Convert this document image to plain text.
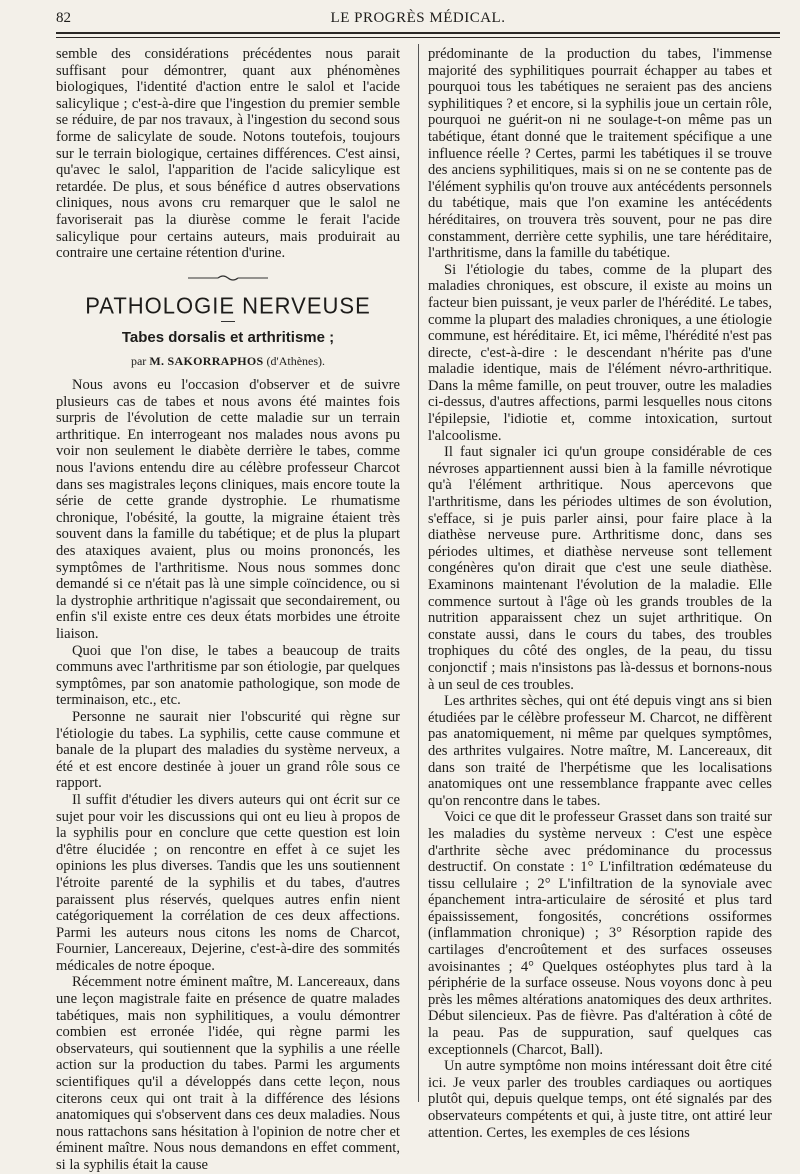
82	LE PROGRÈS MÉDICAL.

semble des considérations précédentes nous parait suffisant pour démontrer, quant aux phénomènes biologiques, l'identité d'action entre le salol et l'acide salicylique ; c'est-à-dire que l'ingestion du premier semble se réduire, de par nos travaux, à l'ingestion du second sous forme de salicylate de soude. Notons toutefois, toujours sur le terrain biologique, certaines différences. C'est ainsi, qu'avec le salol, l'apparition de l'acide salicylique est retardée. De plus, et sous bénéfice d autres observations cliniques, nous avons cru remarquer que le salol ne favoriserait pas la diurèse comme le ferait l'acide salicylique pour certains auteurs, mais produirait au contraire une certaine rétention d'urine.

PATHOLOGIE NERVEUSE
Tabes dorsalis et arthritisme ;
par M. SAKORRAPHOS (d'Athènes).

Nous avons eu l'occasion d'observer et de suivre plusieurs cas de tabes et nous avons été maintes fois surpris de l'évolution de cette maladie sur un terrain arthritique. En interrogeant nos malades nous avons pu voir non seulement le diabète derrière le tabes, comme nous l'avions entendu dire au célèbre professeur Charcot dans ses magistrales leçons cliniques, mais encore toute la série de cette grande dystrophie. Le rhumatisme chronique, l'obésité, la goutte, la migraine étaient très souvent dans la famille du tabétique; et de plus la plupart des ataxiques avaient, plus ou moins prononcés, les symptômes de l'arthritisme. Nous nous sommes donc demandé si ce n'était pas là une simple coïncidence, ou si la dystrophie arthritique n'agissait que secondairement, ou enfin s'il existe entre ces deux états morbides une étroite liaison.

Quoi que l'on dise, le tabes a beaucoup de traits communs avec l'arthritisme par son étiologie, par quelques symptômes, par son anatomie pathologique, son mode de terminaison, etc., etc.

Personne ne saurait nier l'obscurité qui règne sur l'étiologie du tabes. La syphilis, cette cause commune et banale de la plupart des maladies du système nerveux, a été et est encore destinée à jouer un grand rôle sous ce rapport.

Il suffit d'étudier les divers auteurs qui ont écrit sur ce sujet pour voir les discussions qui ont eu lieu à propos de la syphilis pour en conclure que cette question est loin d'être élucidée ; on rencontre en effet à ce sujet les opinions les plus diverses. Tandis que les uns soutiennent l'étroite parenté de la syphilis et du tabes, d'autres paraissent plus réservés, quelques autres enfin nient catégoriquement la corrélation de ces deux affections. Parmi les auteurs nous citons les noms de Charcot, Fournier, Lancereaux, Dejerine, c'est-à-dire des sommités médicales de notre époque.

Récemment notre éminent maître, M. Lancereaux, dans une leçon magistrale faite en présence de quatre malades tabétiques, mais non syphilitiques, a voulu démontrer combien est erronée l'idée, qui règne parmi les observateurs, qui soutiennent que la syphilis a une réelle action sur la production du tabes. Parmi les arguments scientifiques qu'il a développés dans cette leçon, nous citerons ceux qui ont trait à la différence des lésions anatomiques qui s'observent dans ces deux maladies. Nous nous rattachons sans hésitation à l'opinion de notre cher et éminent maître. Nous nous demandons en effet comment, si la syphilis était la cause

prédominante de la production du tabes, l'immense majorité des syphilitiques pourrait échapper au tabes et pourquoi tous les tabétiques ne seraient pas des anciens syphilitiques ? et encore, si la syphilis joue un certain rôle, pourquoi ne guérit-on ni ne soulage-t-on même pas un tabétique, étant donné que le traitement spécifique a une influence réelle ? Certes, parmi les tabétiques il se trouve des anciens syphilitiques, mais si on ne se contente pas de l'élément syphilis qu'on trouve aux antécédents personnels du tabétique, mais que l'on examine les antécédents héréditaires, on trouvera très souvent, pour ne pas dire constamment, derrière cette syphilis, une tare héréditaire, l'arthritisme, dans la famille du tabétique.

Si l'étiologie du tabes, comme de la plupart des maladies chroniques, est obscure, il existe au moins un facteur bien puissant, je veux parler de l'hérédité. Le tabes, comme la plupart des maladies chroniques, a une étiologie commune, est héréditaire. Et, ici même, l'hérédité n'est pas directe, c'est-à-dire : le descendant n'hérite pas d'une maladie identique, mais de l'élément névro-arthritique. Dans la même famille, on peut trouver, outre les maladies ci-dessus, d'autres affections, parmi lesquelles nous citons l'épilepsie, l'idiotie et, comme intoxication, surtout l'alcoolisme.

Il faut signaler ici qu'un groupe considérable de ces névroses appartiennent aussi bien à la famille névrotique qu'à l'élément arthritique. Nous apercevons que l'arthritisme, dans les périodes ultimes de son évolution, s'efface, si je puis parler ainsi, pour faire place à la diathèse nerveuse pure. Arthritisme donc, dans ses périodes ultimes, et diathèse nerveuse sont tellement congénères qu'on dirait que c'est une seule diathèse. Examinons maintenant l'évolution de la maladie. Elle commence surtout à l'âge où les grands troubles de la nutrition apparaissent chez un sujet arthritique. On constate aussi, dans le cours du tabes, des troubles trophiques du côté des ongles, de la peau, du tissu conjonctif ; mais n'insistons pas là-dessus et bornons-nous à un seul de ces troubles.

Les arthrites sèches, qui ont été depuis vingt ans si bien étudiées par le célèbre professeur M. Charcot, ne diffèrent pas anatomiquement, ni même par quelques symptômes, des arthrites vulgaires. Notre maître, M. Lancereaux, dit dans son traité de l'herpétisme que les localisations anatomiques ont une ressemblance frappante avec celles qu'on rencontre dans le tabes.

Voici ce que dit le professeur Grasset dans son traité sur les maladies du système nerveux : C'est une espèce d'arthrite sèche avec prédominance du processus destructif. On constate : 1° L'infiltration œdémateuse du tissu cellulaire ; 2° L'infiltration de la synoviale avec épanchement intra-articulaire de sérosité et plus tard épaississement, fongosités, concrétions ossiformes (inflammation chronique) ; 3° Résorption rapide des cartilages d'encroûtement et des surfaces osseuses avoisinantes ; 4° Quelques ostéophytes plus tard à la périphérie de la surface osseuse. Nous voyons donc à peu près les mêmes altérations anatomiques des deux arthrites. Début silencieux. Pas de fièvre. Pas d'altération à côté de la peau. Pas de suppuration, sauf quelques cas exceptionnels (Charcot, Ball).

Un autre symptôme non moins intéressant doit être cité ici. Je veux parler des troubles cardiaques ou aortiques plutôt qui, depuis quelque temps, ont été signalés par des observateurs compétents et qui, à juste titre, ont attiré leur attention. Certes, les exemples de ces lésions
